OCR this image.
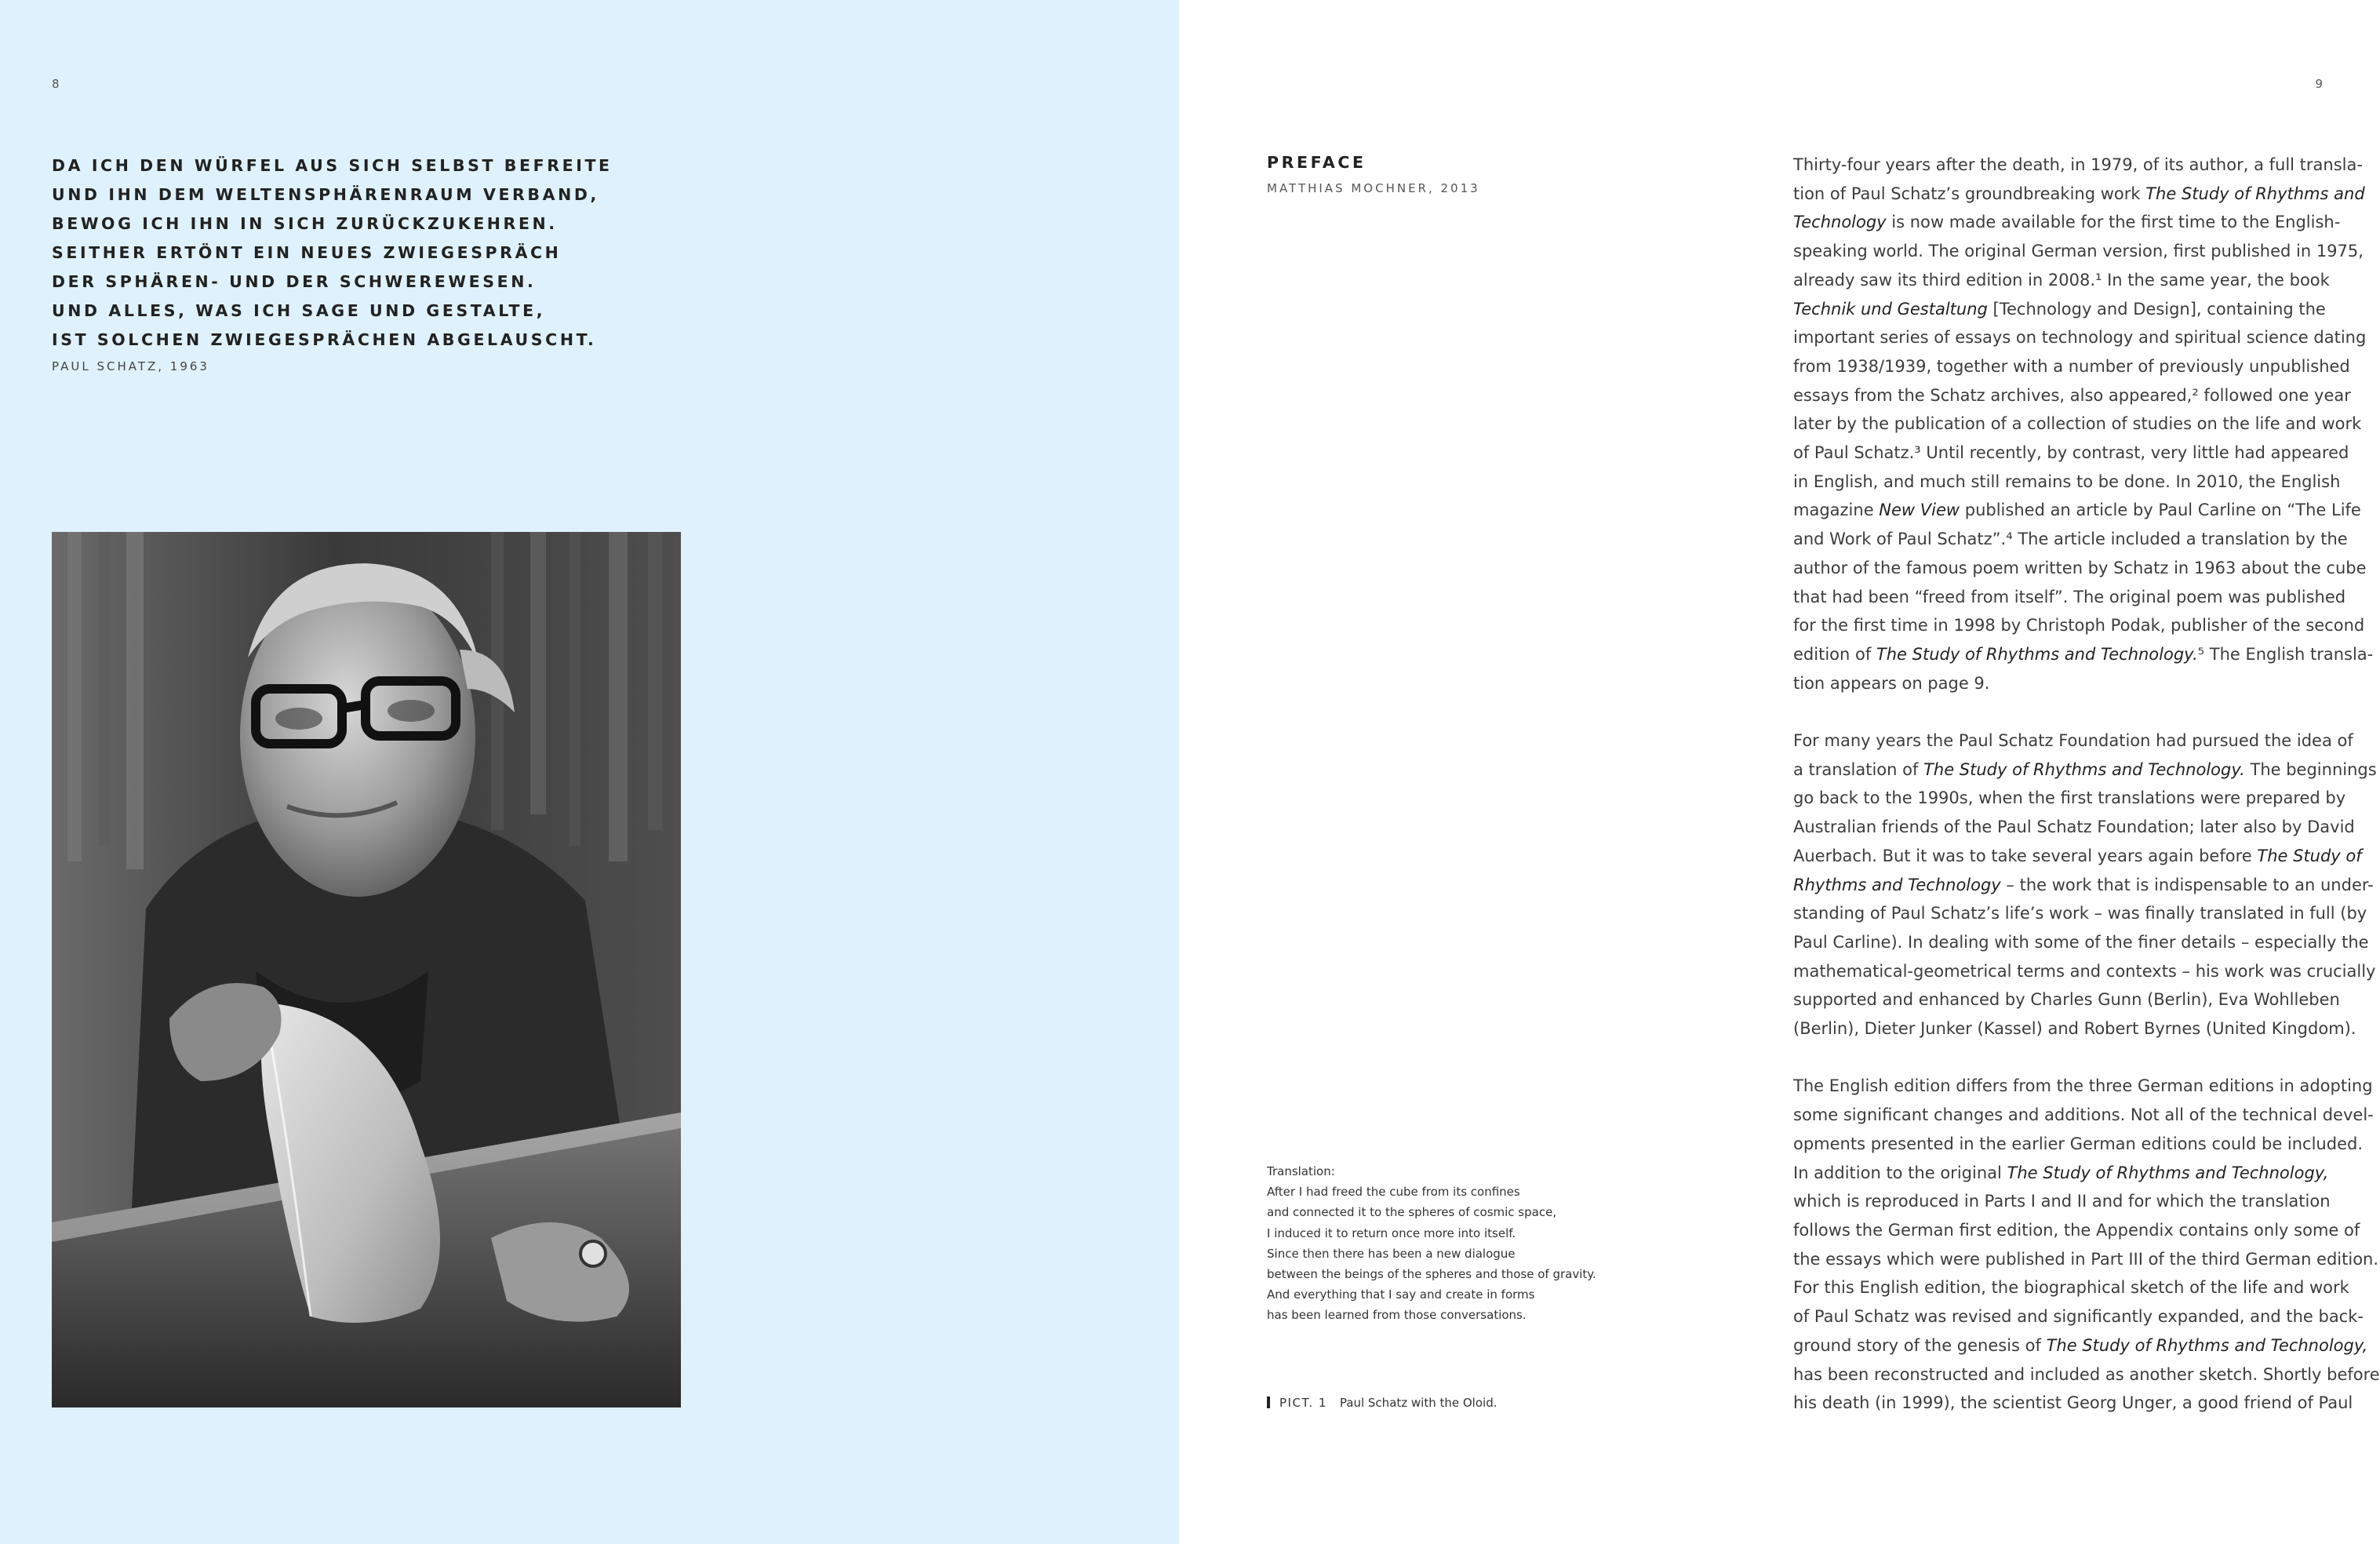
8
DA ICH DEN WÜRFEL AUS SICH SELBST BEFREITE
UND IHN DEM WELTENSPHÄRENRAUM VERBAND,
BEWOG ICH IHN IN SICH ZURÜCKZUKEHREN.
SEITHER ERTÖNT EIN NEUES ZWIEGESPRÄCH
DER SPHÄREN- UND DER SCHWEREWESEN.
UND ALLES, WAS ICH SAGE UND GESTALTE,
IST SOLCHEN ZWIEGESPRÄCHEN ABGELAUSCHT.
PAUL SCHATZ, 1963
9
PREFACE
MATTHIAS MOCHNER, 2013
Translation:
After I had freed the cube from its confines
and connected it to the spheres of cosmic space,
I induced it to return once more into itself.
Since then there has been a new dialogue
between the beings of the spheres and those of gravity.
And everything that I say and create in forms
has been learned from those conversations.
PICT. 1 Paul Schatz with the Oloid.
Thirty-four years after the death, in 1979, of its author, a full transla-
tion of Paul Schatz’s groundbreaking work The Study of Rhythms and
Technology is now made available for the first time to the English-
speaking world. The original German version, first published in 1975,
already saw its third edition in 2008.¹ In the same year, the book
Technik und Gestaltung [Technology and Design], containing the
important series of essays on technology and spiritual science dating
from 1938/1939, together with a number of previously unpublished
essays from the Schatz archives, also appeared,² followed one year
later by the publication of a collection of studies on the life and work
of Paul Schatz.³ Until recently, by contrast, very little had appeared
in English, and much still remains to be done. In 2010, the English
magazine New View published an article by Paul Carline on “The Life
and Work of Paul Schatz”.⁴ The article included a translation by the
author of the famous poem written by Schatz in 1963 about the cube
that had been “freed from itself”. The original poem was published
for the first time in 1998 by Christoph Podak, publisher of the second
edition of The Study of Rhythms and Technology.⁵ The English transla-
tion appears on page 9.
For many years the Paul Schatz Foundation had pursued the idea of
a translation of The Study of Rhythms and Technology. The beginnings
go back to the 1990s, when the first translations were prepared by
Australian friends of the Paul Schatz Foundation; later also by David
Auerbach. But it was to take several years again before The Study of
Rhythms and Technology – the work that is indispensable to an under-
standing of Paul Schatz’s life’s work – was finally translated in full (by
Paul Carline). In dealing with some of the finer details – especially the
mathematical-geometrical terms and contexts – his work was crucially
supported and enhanced by Charles Gunn (Berlin), Eva Wohlleben
(Berlin), Dieter Junker (Kassel) and Robert Byrnes (United Kingdom).
The English edition differs from the three German editions in adopting
some significant changes and additions. Not all of the technical devel-
opments presented in the earlier German editions could be included.
In addition to the original The Study of Rhythms and Technology,
which is reproduced in Parts I and II and for which the translation
follows the German first edition, the Appendix contains only some of
the essays which were published in Part III of the third German edition.
For this English edition, the biographical sketch of the life and work
of Paul Schatz was revised and significantly expanded, and the back-
ground story of the genesis of The Study of Rhythms and Technology,
has been reconstructed and included as another sketch. Shortly before
his death (in 1999), the scientist Georg Unger, a good friend of Paul
